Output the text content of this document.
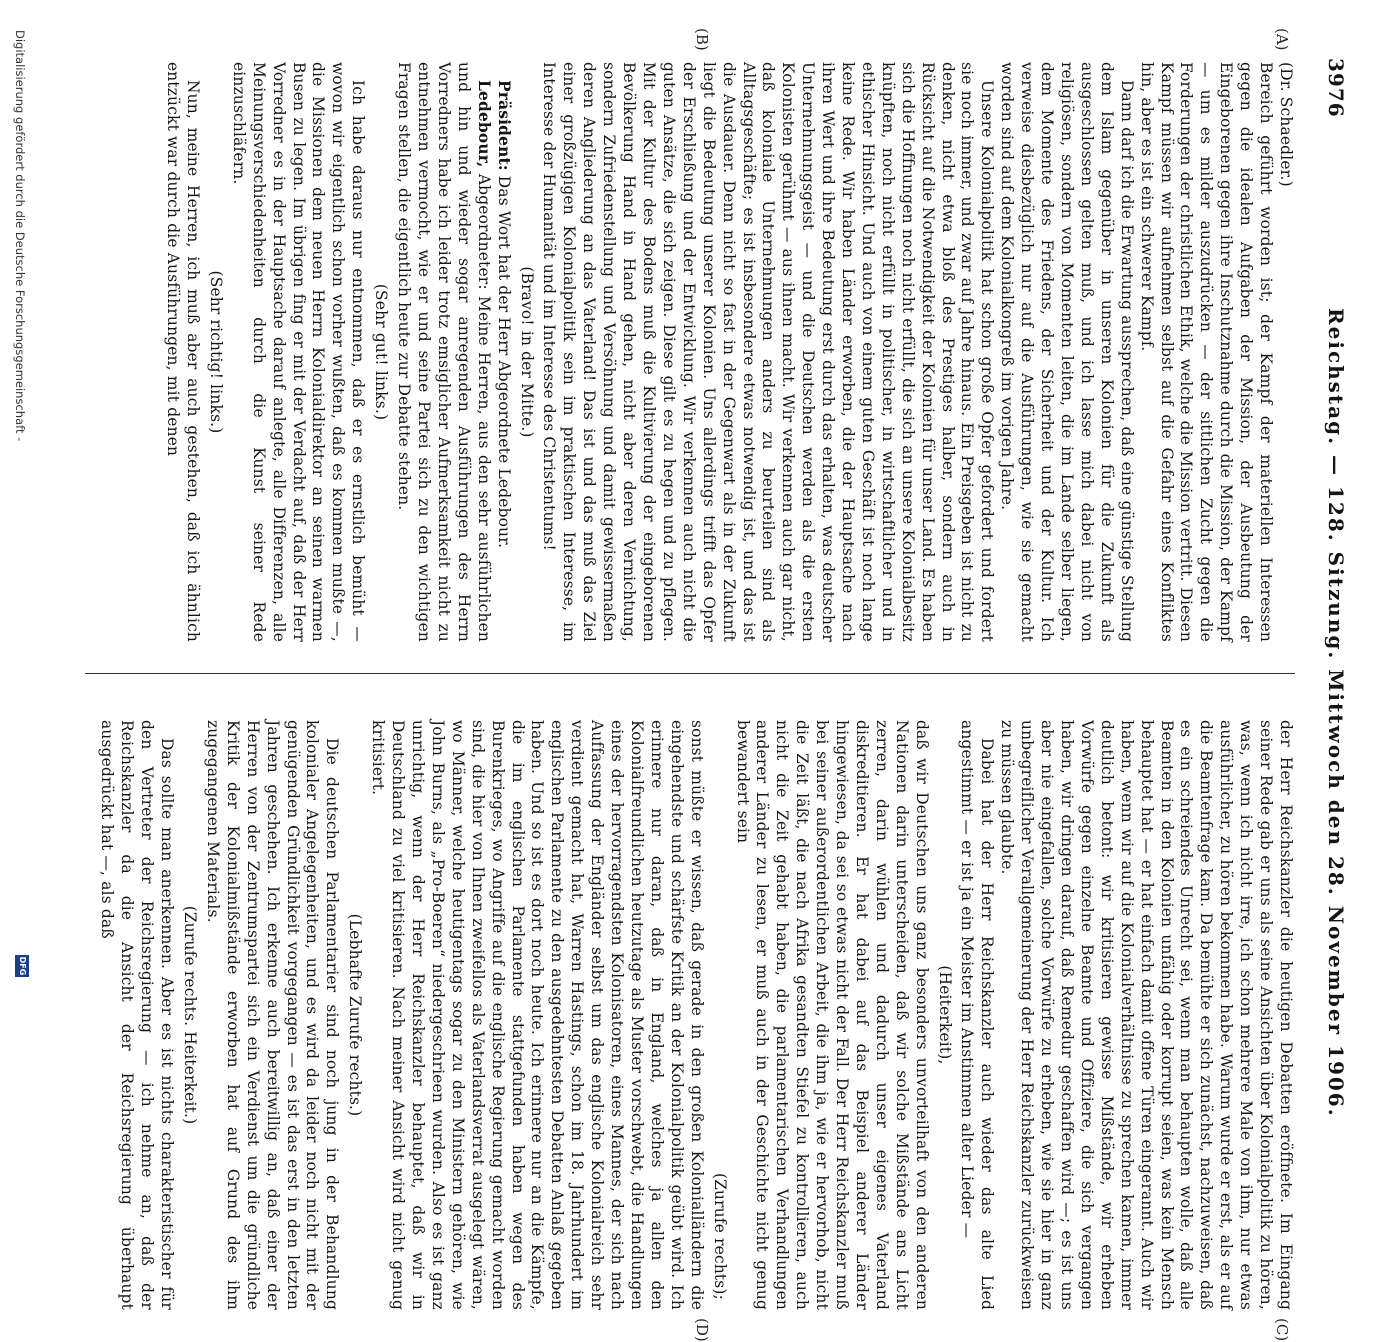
3976
Reichstag. — 128. Sitzung. Mittwoch den 28. November 1906.
(A)
(B)
(C)
(D)

(Dr. Schaedler.)

Bereich geführt worden ist; der Kampf der materiellen Interessen gegen die idealen Aufgaben der Mission, der Ausbeutung der Eingeborenen gegen ihre Inschutznahme durch die Mission, der Kampf — um es milder auszudrücken — der sittlichen Zucht gegen die Forderungen der christlichen Ethik, welche die Mission vertritt. Diesen Kampf müssen wir aufnehmen selbst auf die Gefahr eines Konfliktes hin, aber es ist ein schwerer Kampf.

Dann darf ich die Erwartung aussprechen, daß eine günstige Stellung dem Islam gegenüber in unseren Kolonien für die Zukunft als ausgeschlossen gelten muß, und ich lasse mich dabei nicht von religiösen, sondern von Momenten leiten, die im Lande selber liegen, dem Momente des Friedens, der Sicherheit und der Kultur. Ich verweise diesbezüglich nur auf die Ausführungen, wie sie gemacht worden sind auf dem Kolonialkongreß im vorigen Jahre.

Unsere Kolonialpolitik hat schon große Opfer gefordert und fordert sie noch immer, und zwar auf Jahre hinaus. Ein Preisgeben ist nicht zu denken, nicht etwa bloß des Prestiges halber, sondern auch in Rücksicht auf die Notwendigkeit der Kolonien für unser Land. Es haben sich die Hoffnungen noch nicht erfüllt, die sich an unsere Kolonialbesitz knüpften, noch nicht erfüllt in politischer, in wirtschaftlicher und in ethischer Hinsicht. Und auch von einem guten Geschäft ist noch lange keine Rede. Wir haben Länder erworben, die der Hauptsache nach ihren Wert und ihre Bedeutung erst durch das erhalten, was deutscher Unternehmungsgeist — und die Deutschen werden als die ersten Kolonisten gerühmt — aus ihnen macht. Wir verkennen auch gar nicht, daß koloniale Unternehmungen anders zu beurteilen sind als Alltagsgeschäfte; es ist insbesondere etwas notwendig ist, und das ist die Ausdauer. Denn nicht so fast in der Gegenwart als in der Zukunft liegt die Bedeutung unserer Kolonien. Uns allerdings trifft das Opfer der Erschließung und der Entwicklung. Wir verkennen auch nicht die guten Ansätze, die sich zeigen. Diese gilt es zu hegen und zu pflegen. Mit der Kultur des Bodens muß die Kultivierung der eingeborenen Bevölkerung Hand in Hand gehen, nicht aber deren Vernichtung, sondern Zufriedenstellung und Versöhnung und damit gewissermaßen deren Angliederung an das Vaterland! Das ist und das muß das Ziel einer großzügigen Kolonialpolitik sein im praktischen Interesse, im Interesse der Humanität und im Interesse des Christentums!

(Bravo! in der Mitte.)

Präsident: Das Wort hat der Herr Abgeordnete Ledebour.

Ledebour, Abgeordneter: Meine Herren, aus den sehr ausführlichen und hin und wieder sogar anregenden Ausführungen des Herrn Vorredners habe ich leider trotz emsiglicher Aufmerksamkeit nicht zu entnehmen vermocht, wie er und seine Partei sich zu den wichtigen Fragen stellen, die eigentlich heute zur Debatte stehen.

(Sehr gut! links.)

Ich habe daraus nur entnommen, daß er es ernstlich bemüht — wovon wir eigentlich schon vorher wußten, daß es kommen mußte —, die Missionen dem neuen Herrn Kolonialdirektor an seinen warmen Busen zu legen. Im übrigen fing er mit der Verdacht auf, daß der Herr Vorredner es in der Hauptsache darauf anlegte, alle Differenzen, alle Meinungsverschiedenheiten durch die Kunst seiner Rede einzuschläfern.

(Sehr richtig! links.)

Nun, meine Herren, ich muß aber auch gestehen, daß ich ähnlich entzückt war durch die Ausführungen, mit denen

der Herr Reichskanzler die heutigen Debatten eröffnete. Im Eingang seiner Rede gab er uns als seine Ansichten über Kolonialpolitik zu hören, was, wenn ich nicht irre, ich schon mehrere Male von ihm, nur etwas ausführlicher, zu hören bekommen habe. Warum wurde er erst, als er auf die Beamtenfrage kam. Da bemühte er sich zunächst, nachzuweisen, daß es ein schreiendes Unrecht sei, wenn man behaupten wolle, daß alle Beamten in den Kolonien unfähig oder korrupt seien, was kein Mensch behauptet hat — er hat einfach damit offene Türen eingerannt. Auch wir haben, wenn wir auf die Kolonialverhältnisse zu sprechen kamen, immer deutlich betont: wir kritisieren gewisse Mißstände, wir erheben Vorwürfe gegen einzelne Beamte und Offiziere, die sich vergangen haben, wir dringen darauf, daß Remedur geschaffen wird —; es ist uns aber nie eingefallen, solche Vorwürfe zu erheben, wie sie hier in ganz unbegreiflicher Verallgemeinerung der Herr Reichskanzler zurückweisen zu müssen glaubte.

Dabei hat der Herr Reichskanzler auch wieder das alte Lied angestimmt — er ist ja ein Meister im Anstimmen alter Lieder —

(Heiterkeit),

daß wir Deutschen uns ganz besonders unvorteilhaft von den anderen Nationen darin unterscheiden, daß wir solche Mißstände ans Licht zerren, darin wühlen und dadurch unser eigenes Vaterland diskreditieren. Er hat dabei auf das Beispiel anderer Länder hingewiesen, da sei so etwas nicht der Fall. Der Herr Reichskanzler muß bei seiner außerordentlichen Arbeit, die ihm ja, wie er hervorhob, nicht die Zeit läßt, die nach Afrika gesandten Stiefel zu kontrollieren, auch nicht die Zeit gehabt haben, die parlamentarischen Verhandlungen anderer Länder zu lesen, er muß auch in der Geschichte nicht genug bewandert sein

(Zurufe rechts);

sonst müßte er wissen, daß gerade in den großen Kolonialländern die eingehendste und schärfste Kritik an der Kolonialpolitik geübt wird. Ich erinnere nur daran, daß in England, welches ja allen den Kolonialfreundlichen heutzutage als Muster vorschwebt, die Handlungen eines der hervorragendsten Kolonisatoren, eines Mannes, der sich nach Auffassung der Engländer selbst um das englische Kolonialreich sehr verdient gemacht hat, Warren Hastings, schon im 18. Jahrhundert im englischen Parlamente zu den ausgedehntesten Debatten Anlaß gegeben haben. Und so ist es dort noch heute. Ich erinnere nur an die Kämpfe, die im englischen Parlamente stattgefunden haben wegen des Burenkrieges, wo Angriffe auf die englische Regierung gemacht worden sind, die hier von Ihnen zweifellos als Vaterlandsverrat ausgelegt wären, wo Männer, welche heutigentags sogar zu den Ministern gehören, wie John Burns, als „Pro-Boeren“ niedergeschrieen wurden. Also es ist ganz unrichtig, wenn der Herr Reichskanzler behauptet, daß wir in Deutschland zu viel kritisieren. Nach meiner Ansicht wird nicht genug kritisiert.

(Lebhafte Zurufe rechts.)

Die deutschen Parlamentarier sind noch jung in der Behandlung kolonialer Angelegenheiten, und es wird da leider noch nicht mit der genügenden Gründlichkeit vorgegangen — es ist das erst in den letzten Jahren geschehen. Ich erkenne auch bereitwillig an, daß einer der Herren von der Zentrumspartei sich ein Verdienst um die gründliche Kritik der Kolonialmißstände erworben hat auf Grund des ihm zugegangenen Materials.

(Zurufe rechts. Heiterkeit.)

Das sollte man anerkennen. Aber es ist nichts charakteristischer für den Vertreter der Reichsregierung — ich nehme an, daß der Reichskanzler da die Ansicht der Reichsregierung überhaupt ausgedrückt hat —, als daß

Digitalisierung gefördert durch die Deutsche Forschungsgemeinschaft -
DFG
